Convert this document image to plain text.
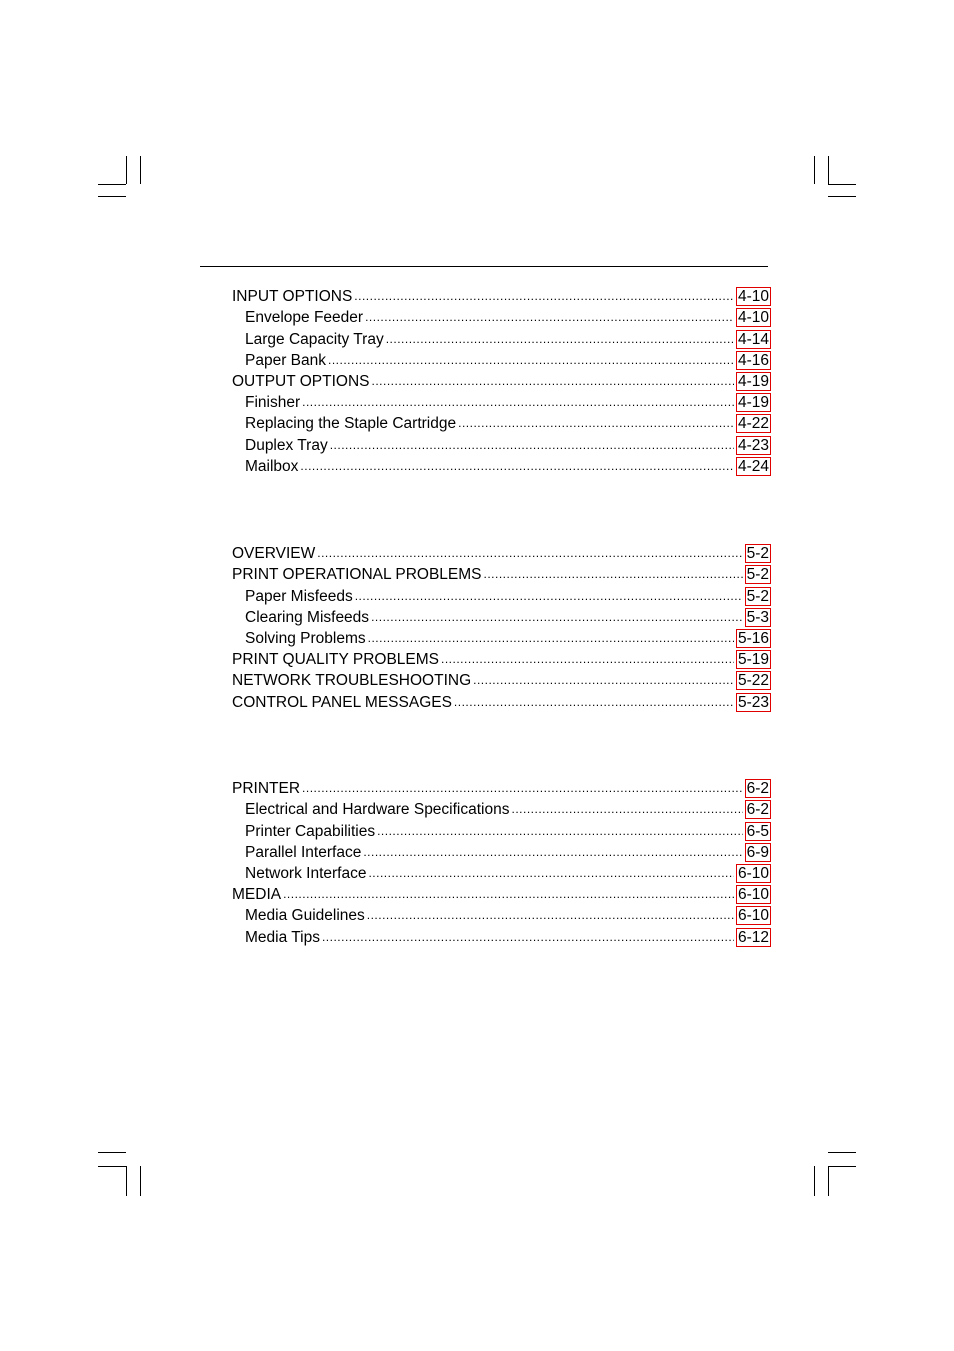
INPUT OPTIONS .....	4-10
Envelope Feeder .....	4-10
Large Capacity Tray .....	4-14
Paper Bank .....	4-16
OUTPUT OPTIONS .....	4-19
Finisher .....	4-19
Replacing the Staple Cartridge .....	4-22
Duplex Tray .....	4-23
Mailbox .....	4-24
OVERVIEW .....	5-2
PRINT OPERATIONAL PROBLEMS .....	5-2
Paper Misfeeds .....	5-2
Clearing Misfeeds .....	5-3
Solving Problems .....	5-16
PRINT QUALITY PROBLEMS .....	5-19
NETWORK TROUBLESHOOTING .....	5-22
CONTROL PANEL MESSAGES .....	5-23
PRINTER .....	6-2
Electrical and Hardware Specifications .....	6-2
Printer Capabilities .....	6-5
Parallel Interface .....	6-9
Network Interface .....	6-10
MEDIA .....	6-10
Media Guidelines .....	6-10
Media Tips .....	6-12
